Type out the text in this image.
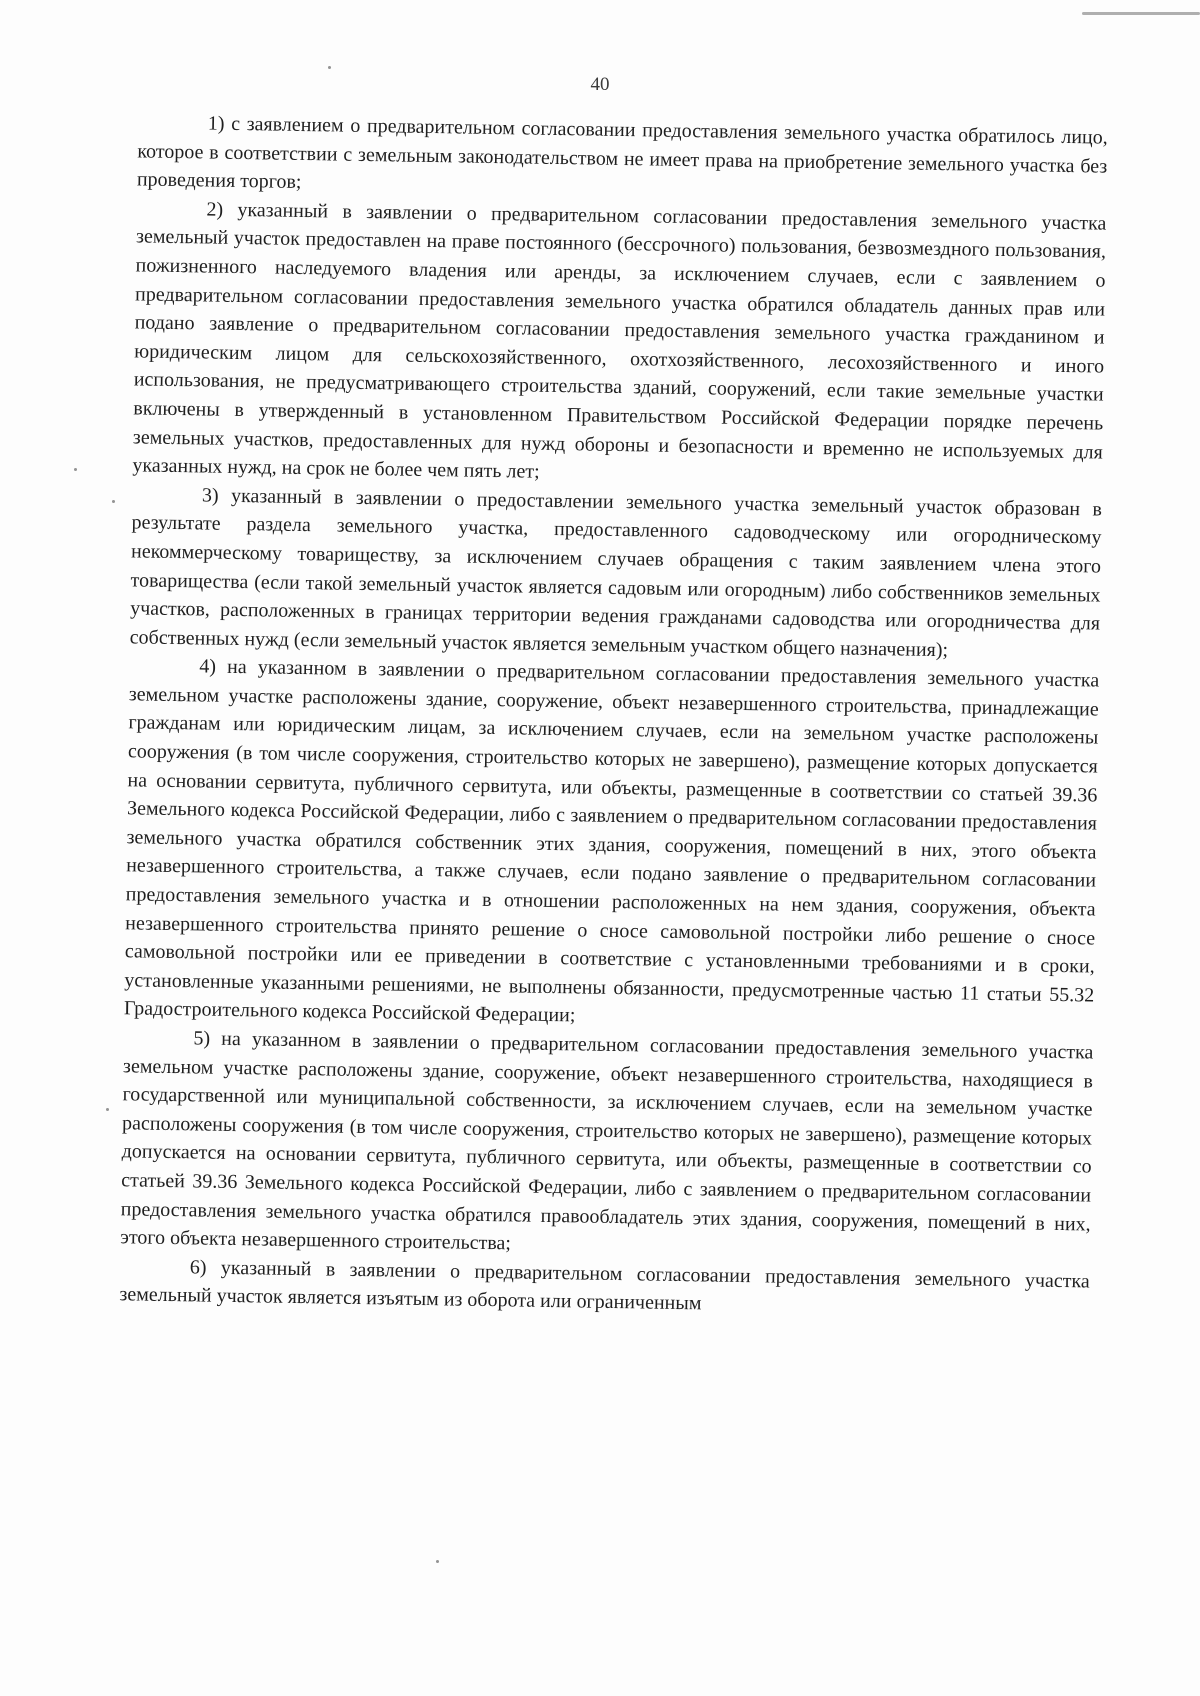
40

1) с заявлением о предварительном согласовании предоставления земельного участка обратилось лицо, которое в соответствии с земельным законодательством не имеет права на приобретение земельного участка без проведения торгов;

2) указанный в заявлении о предварительном согласовании предоставления земельного участка земельный участок предоставлен на праве постоянного (бессрочного) пользования, безвозмездного пользования, пожизненного наследуемого владения или аренды, за исключением случаев, если с заявлением о предварительном согласовании предоставления земельного участка обратился обладатель данных прав или подано заявление о предварительном согласовании предоставления земельного участка гражданином и юридическим лицом для сельскохозяйственного, охотхозяйственного, лесохозяйственного и иного использования, не предусматривающего строительства зданий, сооружений, если такие земельные участки включены в утвержденный в установленном Правительством Российской Федерации порядке перечень земельных участков, предоставленных для нужд обороны и безопасности и временно не используемых для указанных нужд, на срок не более чем пять лет;

3) указанный в заявлении о предоставлении земельного участка земельный участок образован в результате раздела земельного участка, предоставленного садоводческому или огородническому некоммерческому товариществу, за исключением случаев обращения с таким заявлением члена этого товарищества (если такой земельный участок является садовым или огородным) либо собственников земельных участков, расположенных в границах территории ведения гражданами садоводства или огородничества для собственных нужд (если земельный участок является земельным участком общего назначения);

4) на указанном в заявлении о предварительном согласовании предоставления земельного участка земельном участке расположены здание, сооружение, объект незавершенного строительства, принадлежащие гражданам или юридическим лицам, за исключением случаев, если на земельном участке расположены сооружения (в том числе сооружения, строительство которых не завершено), размещение которых допускается на основании сервитута, публичного сервитута, или объекты, размещенные в соответствии со статьей 39.36 Земельного кодекса Российской Федерации, либо с заявлением о предварительном согласовании предоставления земельного участка обратился собственник этих здания, сооружения, помещений в них, этого объекта незавершенного строительства, а также случаев, если подано заявление о предварительном согласовании предоставления земельного участка и в отношении расположенных на нем здания, сооружения, объекта незавершенного строительства принято решение о сносе самовольной постройки либо решение о сносе самовольной постройки или ее приведении в соответствие с установленными требованиями и в сроки, установленные указанными решениями, не выполнены обязанности, предусмотренные частью 11 статьи 55.32 Градостроительного кодекса Российской Федерации;

5) на указанном в заявлении о предварительном согласовании предоставления земельного участка земельном участке расположены здание, сооружение, объект незавершенного строительства, находящиеся в государственной или муниципальной собственности, за исключением случаев, если на земельном участке расположены сооружения (в том числе сооружения, строительство которых не завершено), размещение которых допускается на основании сервитута, публичного сервитута, или объекты, размещенные в соответствии со статьей 39.36 Земельного кодекса Российской Федерации, либо с заявлением о предварительном согласовании предоставления земельного участка обратился правообладатель этих здания, сооружения, помещений в них, этого объекта незавершенного строительства;

6) указанный в заявлении о предварительном согласовании предоставления земельного участка земельный участок является изъятым из оборота или ограниченным
